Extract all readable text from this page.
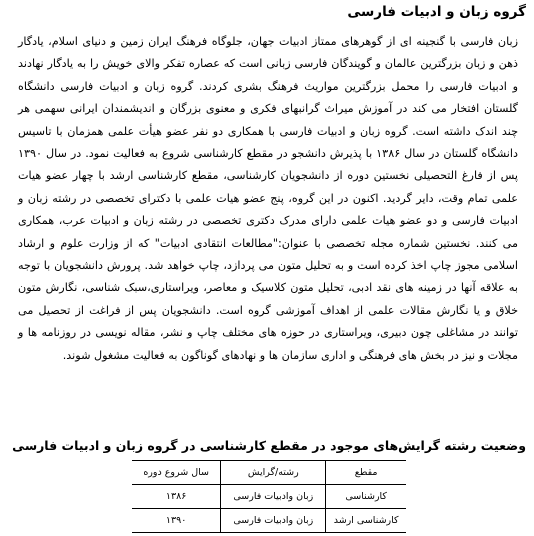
گروه زبان و ادبیات فارسی
زبان فارسی با گنجینه ای از گوهرهای ممتاز ادبیات جهان، جلوگاه فرهنگ ایران زمین و دنیای اسلام، یادگار ذهن و زبان بزرگترین عالمان و گویندگان فارسی زبانی است که عصاره تفکر والای خویش را به یادگار نهادند و ادبیات فارسی را محمل بزرگترین مواریث فرهنگ بشری کردند. گروه زبان و ادبیات فارسی دانشگاه گلستان افتخار می کند در آموزش میراث گرانبهای فکری و معنوی بزرگان و اندیشمندان ایرانی سهمی هر چند اندک داشته است. گروه زبان و ادبیات فارسی با همکاری دو نفر عضو هیأت علمی همزمان با تاسیس دانشگاه گلستان در سال ۱۳۸۶ با پذیرش دانشجو در مقطع کارشناسی شروع به فعالیت نمود. در سال ۱۳۹۰ پس از فارغ التحصیلی نخستین دوره از دانشجویان کارشناسی، مقطع کارشناسی ارشد با چهار عضو هیات علمی تمام وقت، دایر گردید. اکنون در این گروه، پنج عضو هیات علمی با دکترای تخصصی در رشته زبان و ادبیات فارسی و دو عضو هیات علمی دارای مدرک دکتری تخصصی در رشته زبان و ادبیات عرب، همکاری می کنند. نخستین شماره مجله تخصصی با عنوان:"مطالعات انتقادی ادبیات" که از وزارت علوم و ارشاد اسلامی مجوز چاپ اخذ کرده است و به تحلیل متون می پردازد، چاپ خواهد شد. پرورش دانشجویان با توجه به علاقه آنها در زمینه های نقد ادبی، تحلیل متون کلاسیک و معاصر، ویراستاری،سبک شناسی، نگارش متون خلاق و یا نگارش مقالات علمی از اهداف آموزشی گروه است. دانشجویان پس از فراغت از تحصیل می توانند در مشاغلی چون دبیری، ویراستاری در حوزه های مختلف چاپ و نشر، مقاله نویسی در روزنامه ها و مجلات و نیز در بخش های فرهنگی و اداری سازمان ها و نهادهای گوناگون به فعالیت مشغول شوند.
وضعیت رشته گرایش‌های موجود در مقطع کارشناسی در گروه زبان و ادبیات فارسی
مقطع	رشته/گرایش	سال شروع دوره
کارشناسی	زبان وادبیات فارسی	۱۳۸۶
کارشناسی ارشد	زبان وادبیات فارسی	۱۳۹۰
